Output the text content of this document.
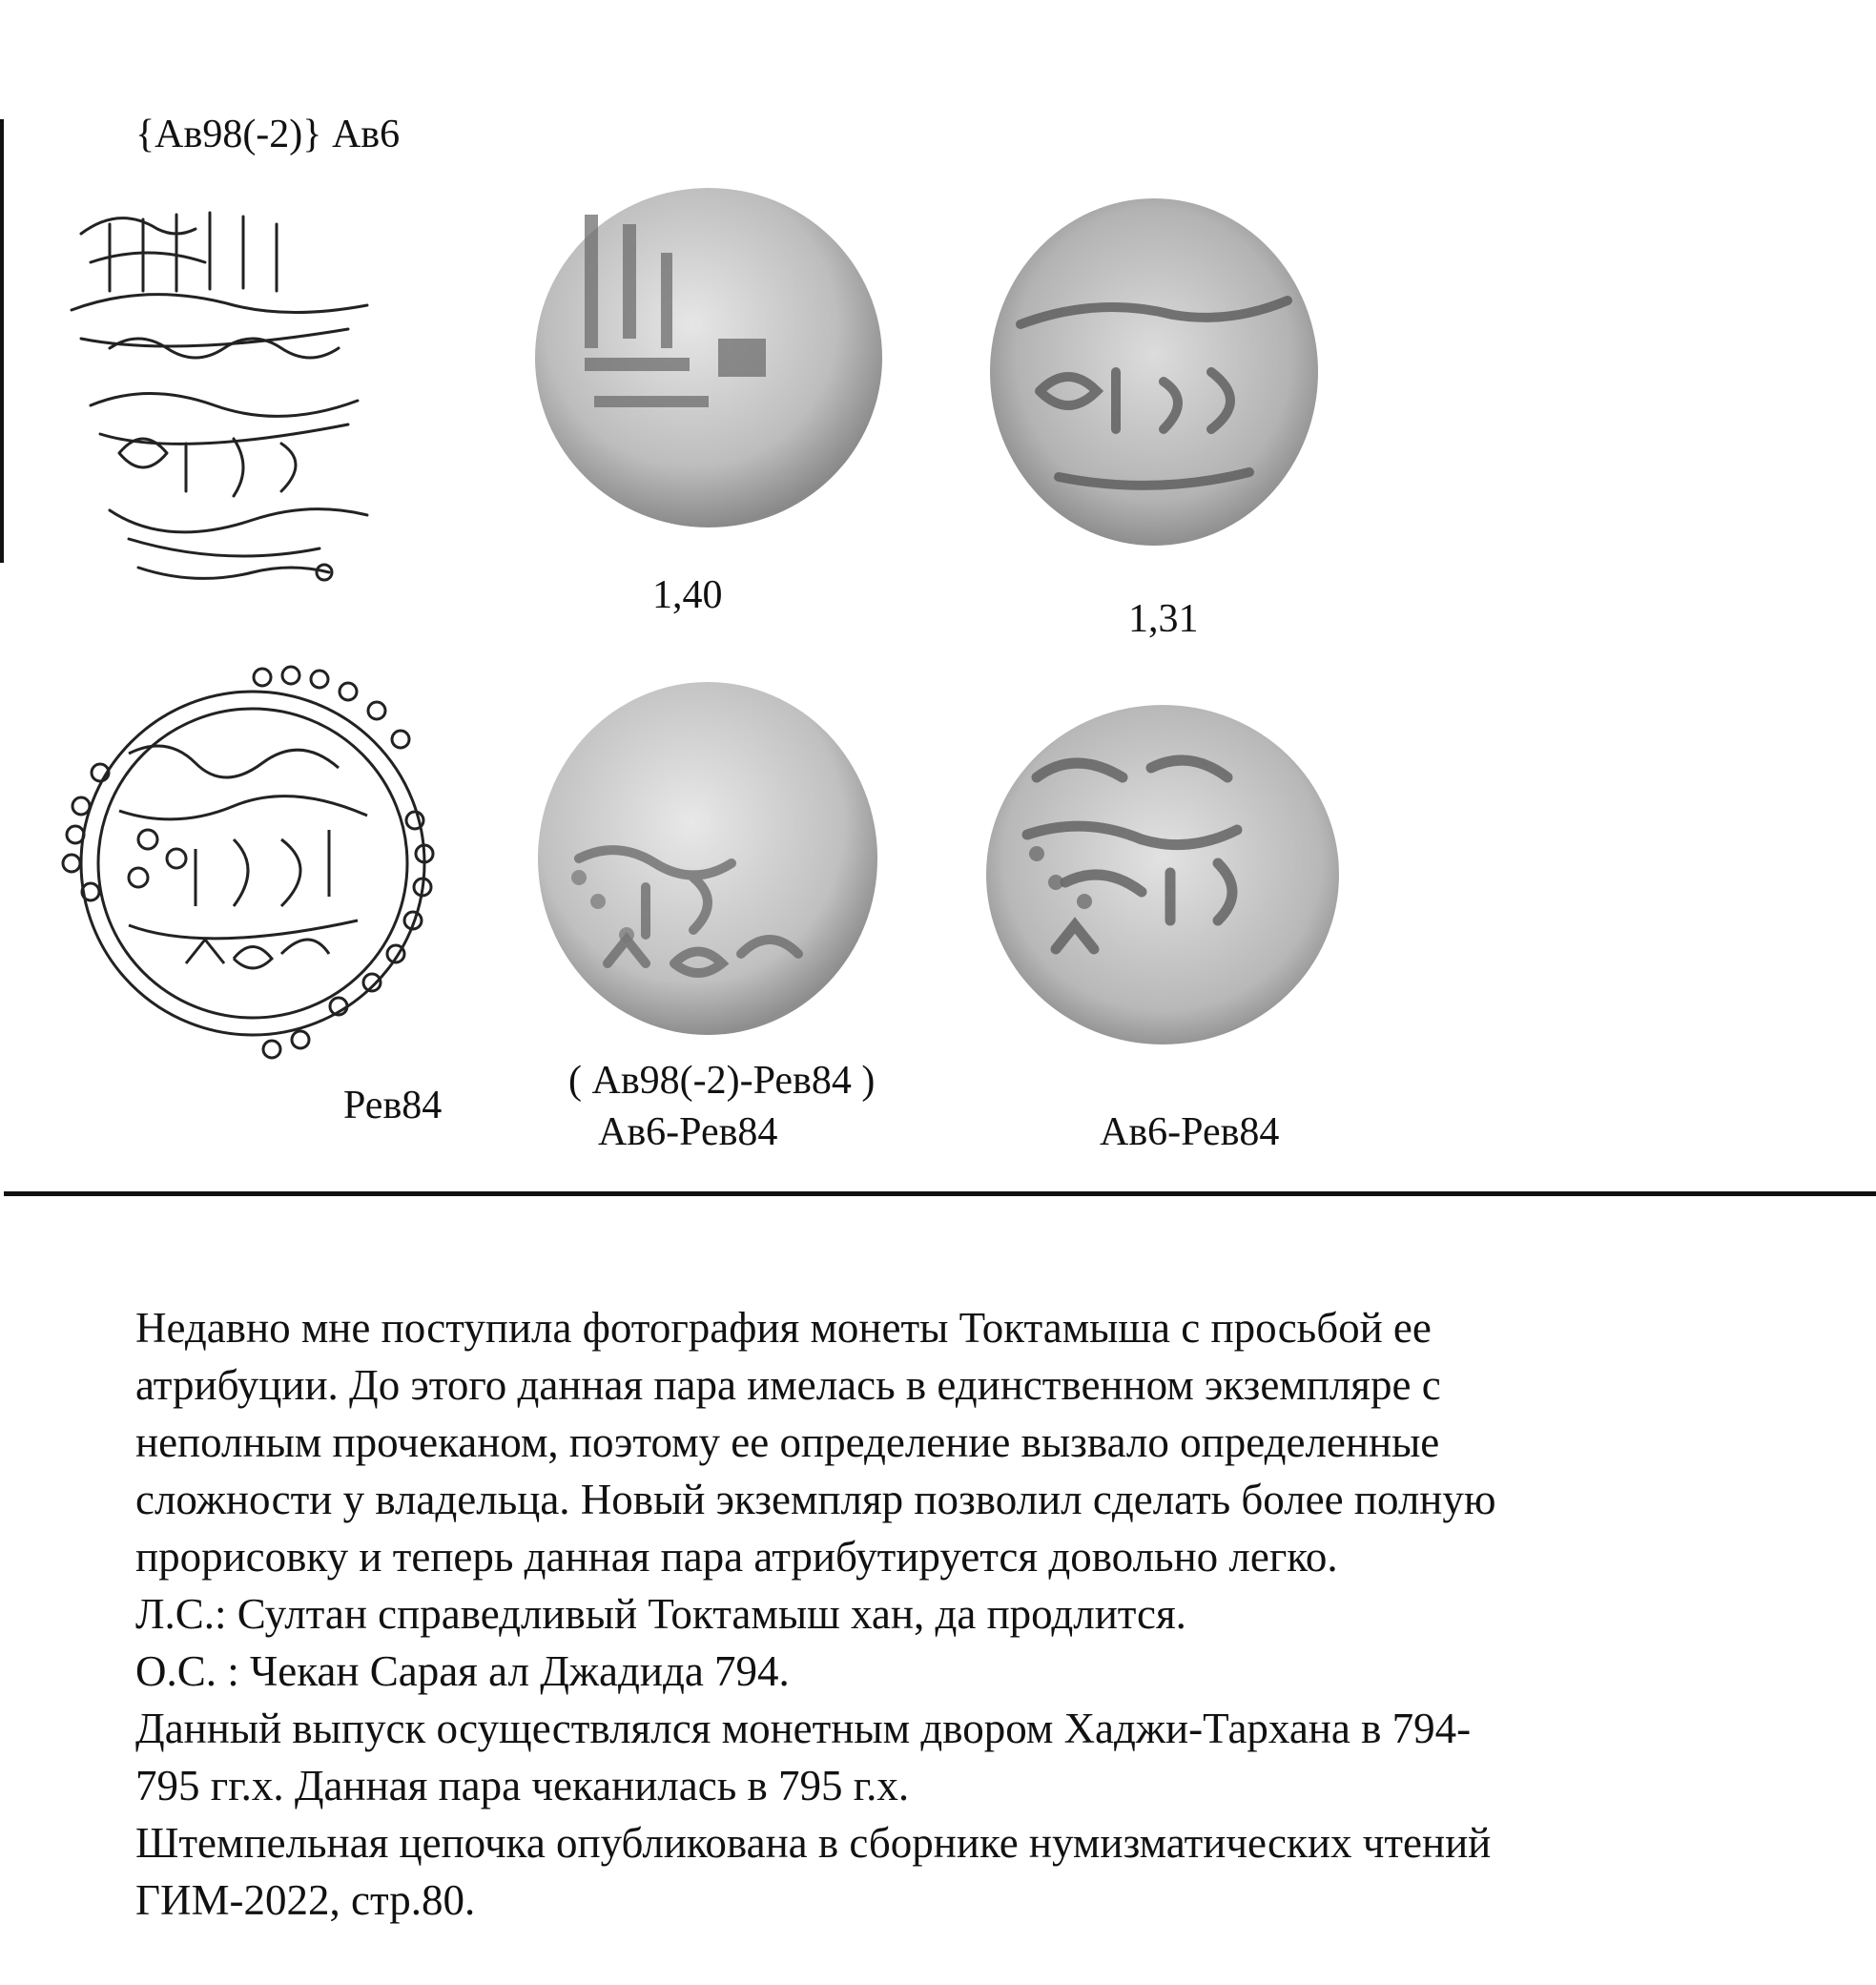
{Ав98(-2)} Ав6
1,40
1,31
Рев84
( Ав98(-2)-Рев84 )
Ав6-Рев84	Ав6-Рев84
Недавно мне поступила фотография монеты Токтамыша с просьбой ее
атрибуции. До этого данная пара имелась в единственном экземпляре с
неполным прочеканом, поэтому ее определение вызвало определенные
сложности у владельца. Новый экземпляр позволил сделать более полную
прорисовку и теперь данная пара атрибутируется довольно легко.
Л.С.: Султан справедливый Токтамыш хан, да продлится.
О.С. : Чекан Сарая ал Джадида 794.
Данный выпуск осуществлялся монетным двором Хаджи-Тарханa в 794-
795 гг.х. Данная пара чеканилась в 795 г.х.
Штемпельная цепочка опубликована в сборнике нумизматических чтений
ГИМ-2022, стр.80.
